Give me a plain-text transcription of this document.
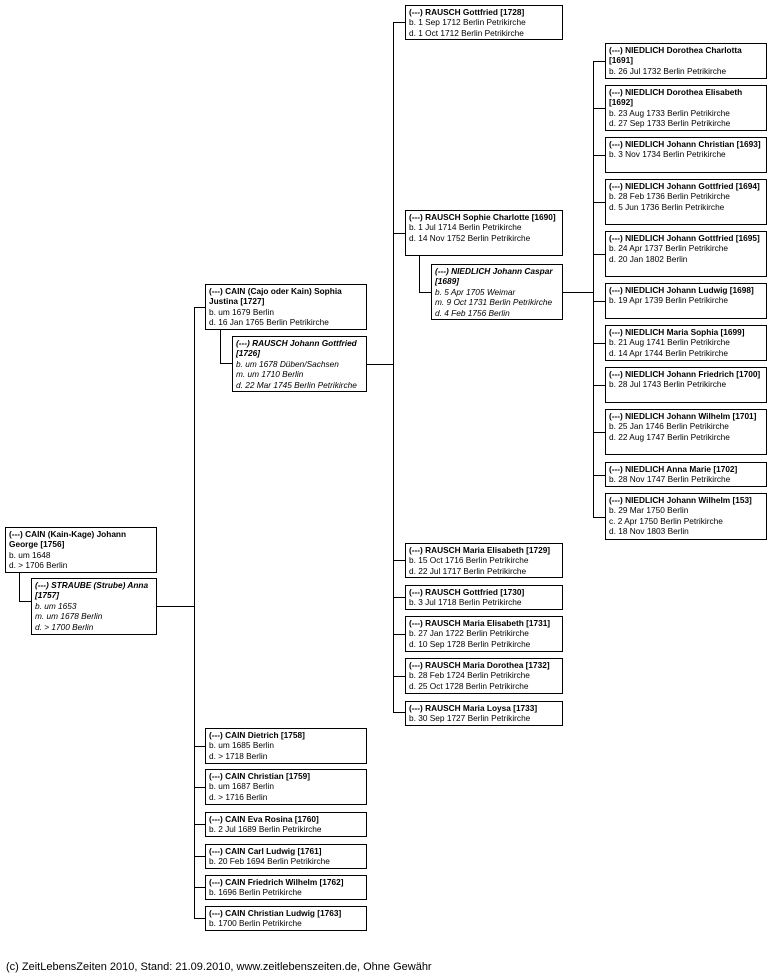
(---) CAIN (Kain-Kage) Johann George [1756]
b. um 1648
d. > 1706 Berlin
(---) STRAUBE (Strube) Anna [1757]
b. um 1653
m. um 1678 Berlin
d. > 1700 Berlin
(---) CAIN (Cajo oder Kain) Sophia Justina [1727]
b. um 1679 Berlin
d. 16 Jan 1765 Berlin Petrikirche
(---) RAUSCH Johann Gottfried [1726]
b. um 1678 Düben/Sachsen
m. um 1710 Berlin
d. 22 Mar 1745 Berlin Petrikirche
(---) CAIN Dietrich [1758]
b. um 1685 Berlin
d. > 1718 Berlin
(---) CAIN Christian [1759]
b. um 1687 Berlin
d. > 1716 Berlin
(---) CAIN Eva Rosina [1760]
b. 2 Jul 1689 Berlin Petrikirche
(---) CAIN Carl Ludwig [1761]
b. 20 Feb 1694 Berlin Petrikirche
(---) CAIN Friedrich Wilhelm [1762]
b. 1696 Berlin Petrikirche
(---) CAIN Christian Ludwig [1763]
b. 1700 Berlin Petrikirche
(---) RAUSCH Gottfried [1728]
b. 1 Sep 1712 Berlin Petrikirche
d. 1 Oct 1712 Berlin Petrikirche
(---) RAUSCH Sophie Charlotte [1690]
b. 1 Jul 1714 Berlin Petrikirche
d. 14 Nov 1752 Berlin Petrikirche
(---) NIEDLICH Johann Caspar [1689]
b. 5 Apr 1705 Weimar
m. 9 Oct 1731 Berlin Petrikirche
d. 4 Feb 1756 Berlin
(---) RAUSCH Maria Elisabeth [1729]
b. 15 Oct 1716 Berlin Petrikirche
d. 22 Jul 1717 Berlin Petrikirche
(---) RAUSCH Gottfried [1730]
b. 3 Jul 1718 Berlin Petrikirche
(---) RAUSCH Maria Elisabeth [1731]
b. 27 Jan 1722 Berlin Petrikirche
d. 10 Sep 1728 Berlin Petrikirche
(---) RAUSCH Maria Dorothea [1732]
b. 28 Feb 1724 Berlin Petrikirche
d. 25 Oct 1728 Berlin Petrikirche
(---) RAUSCH Maria Loysa [1733]
b. 30 Sep 1727 Berlin Petrikirche
(---) NIEDLICH Dorothea Charlotta [1691]
b. 26 Jul 1732 Berlin Petrikirche
(---) NIEDLICH Dorothea Elisabeth [1692]
b. 23 Aug 1733 Berlin Petrikirche
d. 27 Sep 1733 Berlin Petrikirche
(---) NIEDLICH Johann Christian [1693]
b. 3 Nov 1734 Berlin Petrikirche
(---) NIEDLICH Johann Gottfried [1694]
b. 28 Feb 1736 Berlin Petrikirche
d. 5 Jun 1736 Berlin Petrikirche
(---) NIEDLICH Johann Gottfried [1695]
b. 24 Apr 1737 Berlin Petrikirche
d. 20 Jan 1802 Berlin
(---) NIEDLICH Johann Ludwig [1698]
b. 19 Apr 1739 Berlin Petrikirche
(---) NIEDLICH Maria Sophia [1699]
b. 21 Aug 1741 Berlin Petrikirche
d. 14 Apr 1744 Berlin Petrikirche
(---) NIEDLICH Johann Friedrich [1700]
b. 28 Jul 1743 Berlin Petrikirche
(---) NIEDLICH Johann Wilhelm [1701]
b. 25 Jan 1746 Berlin Petrikirche
d. 22 Aug 1747 Berlin Petrikirche
(---) NIEDLICH Anna Marie [1702]
b. 28 Nov 1747 Berlin Petrikirche
(---) NIEDLICH Johann Wilhelm [153]
b. 29 Mar 1750 Berlin
c. 2 Apr 1750 Berlin Petrikirche
d. 18 Nov 1803 Berlin
(c) ZeitLebensZeiten 2010, Stand: 21.09.2010, www.zeitlebenszeiten.de, Ohne Gewähr
